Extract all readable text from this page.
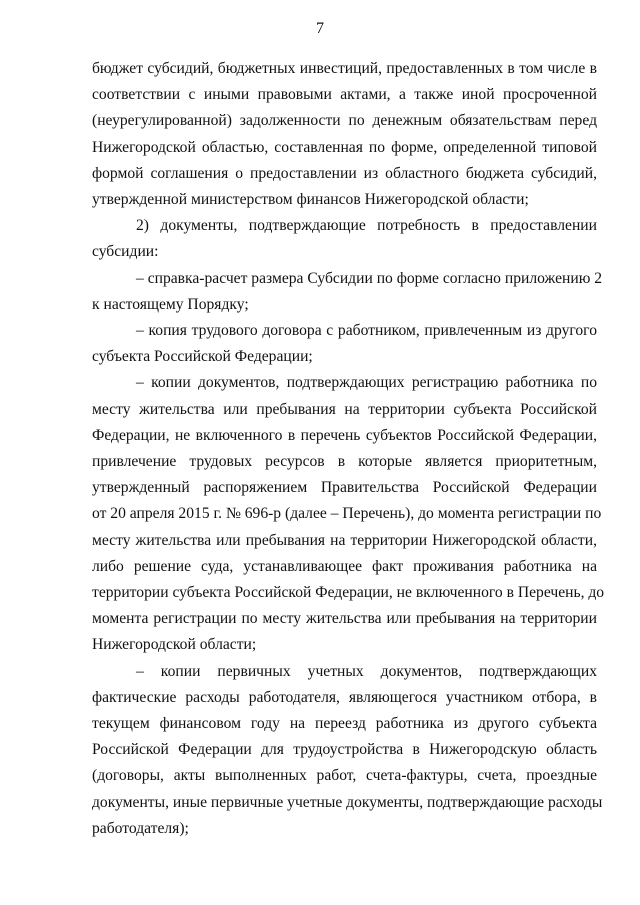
7
бюджет субсидий, бюджетных инвестиций, предоставленных в том числе в
соответствии с иными правовыми актами, а также иной просроченной
(неурегулированной) задолженности по денежным обязательствам перед
Нижегородской областью, составленная по форме, определенной типовой
формой соглашения о предоставлении из областного бюджета субсидий,
утвержденной министерством финансов Нижегородской области;
2) документы, подтверждающие потребность в предоставлении
субсидии:
– справка-расчет размера Субсидии по форме согласно приложению 2
к настоящему Порядку;
– копия трудового договора с работником, привлеченным из другого
субъекта Российской Федерации;
– копии документов, подтверждающих регистрацию работника по
месту жительства или пребывания на территории субъекта Российской
Федерации, не включенного в перечень субъектов Российской Федерации,
привлечение трудовых ресурсов в которые является приоритетным,
утвержденный распоряжением Правительства Российской Федерации
от 20 апреля 2015 г. № 696-р (далее – Перечень), до момента регистрации по
месту жительства или пребывания на территории Нижегородской области,
либо решение суда, устанавливающее факт проживания работника на
территории субъекта Российской Федерации, не включенного в Перечень, до
момента регистрации по месту жительства или пребывания на территории
Нижегородской области;
– копии первичных учетных документов, подтверждающих
фактические расходы работодателя, являющегося участником отбора, в
текущем финансовом году на переезд работника из другого субъекта
Российской Федерации для трудоустройства в Нижегородскую область
(договоры, акты выполненных работ, счета-фактуры, счета, проездные
документы, иные первичные учетные документы, подтверждающие расходы
работодателя);
